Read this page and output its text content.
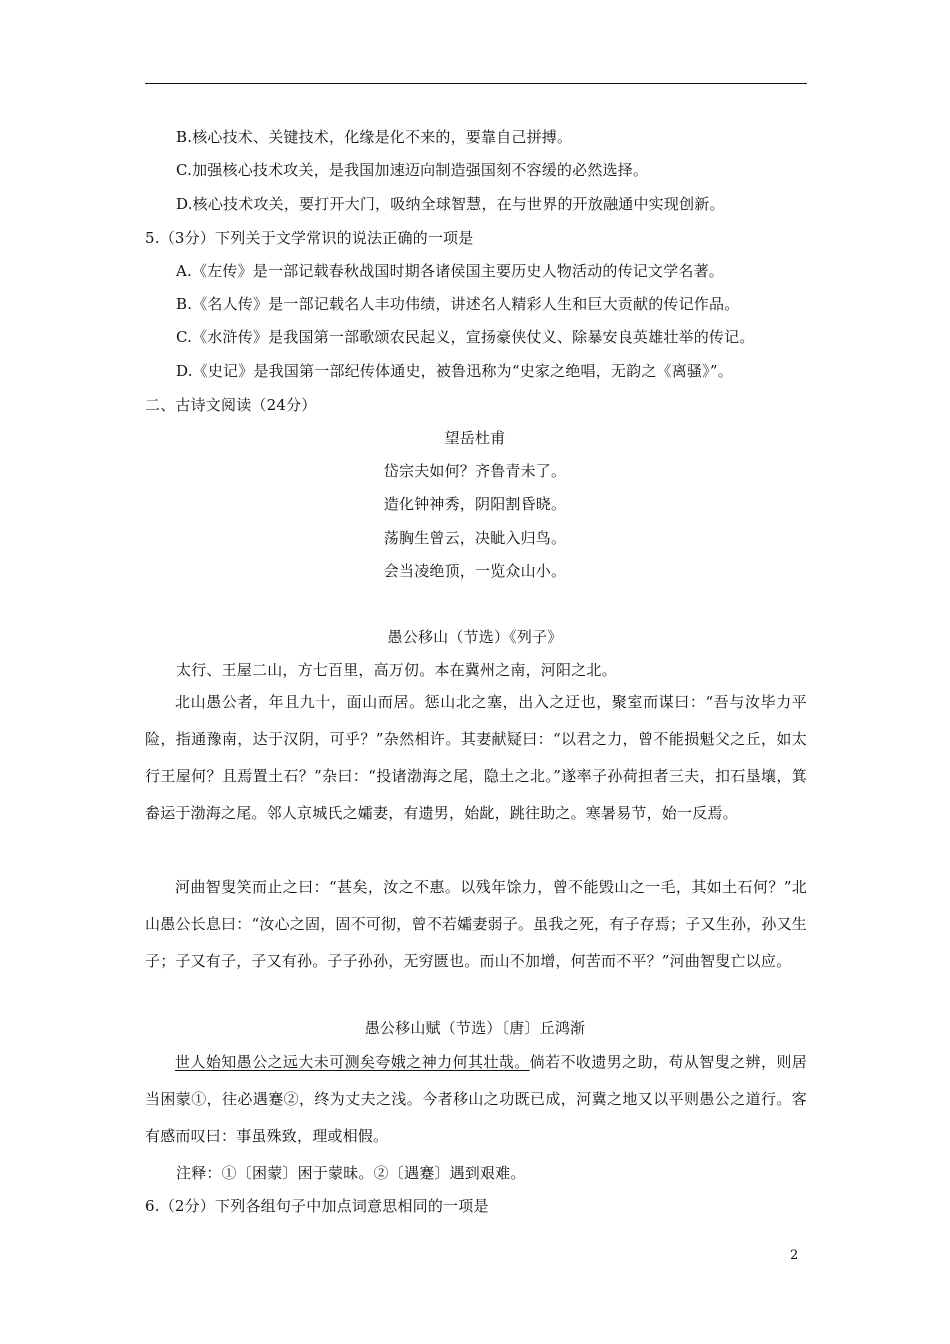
B.核心技术、关键技术，化缘是化不来的，要靠自己拼搏。
C.加强核心技术攻关，是我国加速迈向制造强国刻不容缓的必然选择。
D.核心技术攻关，要打开大门，吸纳全球智慧，在与世界的开放融通中实现创新。
5.（3分）下列关于文学常识的说法正确的一项是
A.《左传》是一部记载春秋战国时期各诸侯国主要历史人物活动的传记文学名著。
B.《名人传》是一部记载名人丰功伟绩，讲述名人精彩人生和巨大贡献的传记作品。
C.《水浒传》是我国第一部歌颂农民起义，宣扬豪侠仗义、除暴安良英雄壮举的传记。
D.《史记》是我国第一部纪传体通史，被鲁迅称为“史家之绝唱，无韵之《离骚》”。
二、古诗文阅读（24分）
望岳杜甫
岱宗夫如何？齐鲁青未了。
造化钟神秀，阴阳割昏晓。
荡胸生曾云，决眦入归鸟。
会当凌绝顶，一览众山小。
愚公移山（节选）《列子》
太行、王屋二山，方七百里，高万仞。本在冀州之南，河阳之北。
北山愚公者，年且九十，面山而居。惩山北之塞，出入之迂也，聚室而谋曰：“吾与汝毕力平险，指通豫南，达于汉阴，可乎？”杂然相许。其妻献疑曰：“以君之力，曾不能损魁父之丘，如太行王屋何？且焉置土石？”杂曰：“投诸渤海之尾，隐土之北。”遂率子孙荷担者三夫，扣石垦壤，箕畚运于渤海之尾。邻人京城氏之孀妻，有遗男，始龀，跳往助之。寒暑易节，始一反焉。
河曲智叟笑而止之曰：“甚矣，汝之不惠。以残年馀力，曾不能毁山之一毛，其如土石何？”北山愚公长息曰：“汝心之固，固不可彻，曾不若孀妻弱子。虽我之死，有子存焉；子又生孙，孙又生子；子又有子，子又有孙。子子孙孙，无穷匮也。而山不加增，何苦而不平？”河曲智叟亡以应。
愚公移山赋（节选）〔唐〕丘鸿渐
世人始知愚公之远大未可测矣夸娥之神力何其壮哉。倘若不收遗男之助，苟从智叟之辨，则居当困蒙①，往必遇蹇②，终为丈夫之浅。今者移山之功既已成，河冀之地又以平则愚公之道行。客有感而叹曰：事虽殊致，理或相假。
注释：①〔困蒙〕困于蒙昧。②〔遇蹇〕遇到艰难。
6.（2分）下列各组句子中加点词意思相同的一项是
2
